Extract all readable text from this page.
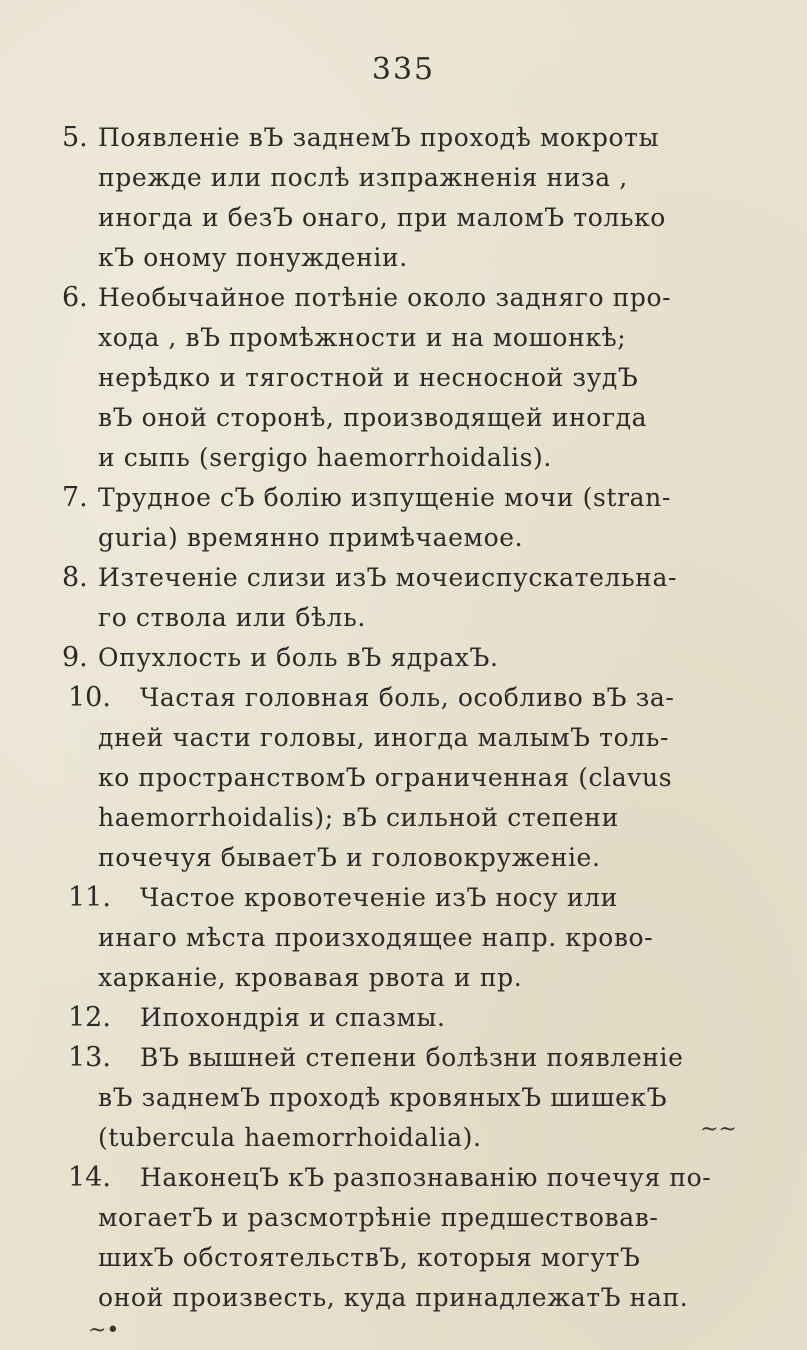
335
5. Появленіе вЪ заднемЪ проходѣ мокроты
прежде или послѣ изпражненія низа ,
иногда и безЪ онаго, при маломЪ только
кЪ оному понужденіи.
6. Необычайное потѣніе около задняго про-
хода , вЪ промѣжности и на мошонкѣ;
нерѣдко и тягостной и несносной зудЪ
вЪ оной сторонѣ, производящей иногда
и сыпь (sergigo haemorrhoidalis).
7. Трудное сЪ болію изпущеніе мочи (stran-
guria) времянно примѣчаемое.
8. Изтеченіе слизи изЪ мочеиспускательна-
го ствола или бѣль.
9. Опухлость и боль вЪ ядрахЪ.
10.	Частая головная боль, особливо вЪ за-
дней части головы, иногда малымЪ толь-
ко пространствомЪ ограниченная (clavus
haemorrhoidalis); вЪ сильной степени
почечуя бываетЪ и головокруженіе.
11.	Частое кровотеченіе изЪ носу или
инаго мѣста произходящее напр. крово-
харканіе, кровавая рвота и пр.
12.	Ипохондрія и спазмы.
13.	ВЪ вышней степени болѣзни появленіе
вЪ заднемЪ проходѣ кровяныхЪ шишекЪ
(tubercula haemorrhoidalia).
14.	НаконецЪ кЪ разпознаванію почечуя по-
могаетЪ и разсмотрѣніе предшествовав-
шихЪ обстоятельствЪ, которыя могутЪ
оной произвесть, куда принадлежатЪ нап.
~~
~•
